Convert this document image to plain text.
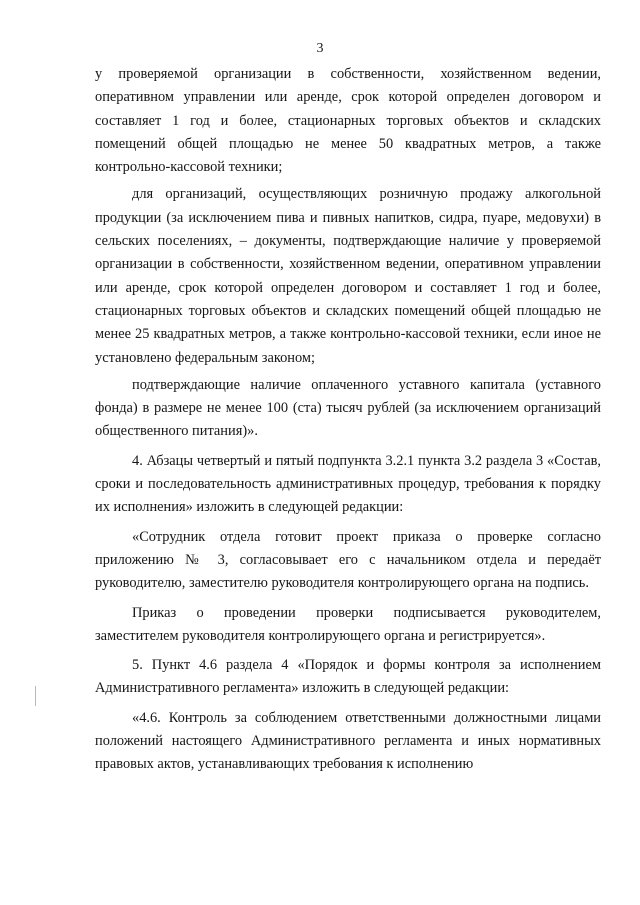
3

у проверяемой организации в собственности, хозяйственном ведении, оперативном управлении или аренде, срок которой определен договором и составляет 1 год и более, стационарных торговых объектов и складских помещений общей площадью не менее 50 квадратных метров, а также контрольно-кассовой техники;

для организаций, осуществляющих розничную продажу алкогольной продукции (за исключением пива и пивных напитков, сидра, пуаре, медовухи) в сельских поселениях, – документы, подтверждающие наличие у проверяемой организации в собственности, хозяйственном ведении, оперативном управлении или аренде, срок которой определен договором и составляет 1 год и более, стационарных торговых объектов и складских помещений общей площадью не менее 25 квадратных метров, а также контрольно-кассовой техники, если иное не установлено федеральным законом;

подтверждающие наличие оплаченного уставного капитала (уставного фонда) в размере не менее 100 (ста) тысяч рублей (за исключением организаций общественного питания)».

4. Абзацы четвертый и пятый подпункта 3.2.1 пункта 3.2 раздела 3 «Состав, сроки и последовательность административных процедур, требования к порядку их исполнения» изложить в следующей редакции:

«Сотрудник отдела готовит проект приказа о проверке согласно приложению № 3, согласовывает его с начальником отдела и передаёт руководителю, заместителю руководителя контролирующего органа на подпись.

Приказ о проведении проверки подписывается руководителем, заместителем руководителя контролирующего органа и регистрируется».

5. Пункт 4.6 раздела 4 «Порядок и формы контроля за исполнением Административного регламента» изложить в следующей редакции:

«4.6. Контроль за соблюдением ответственными должностными лицами положений настоящего Административного регламента и иных нормативных правовых актов, устанавливающих требования к исполнению
